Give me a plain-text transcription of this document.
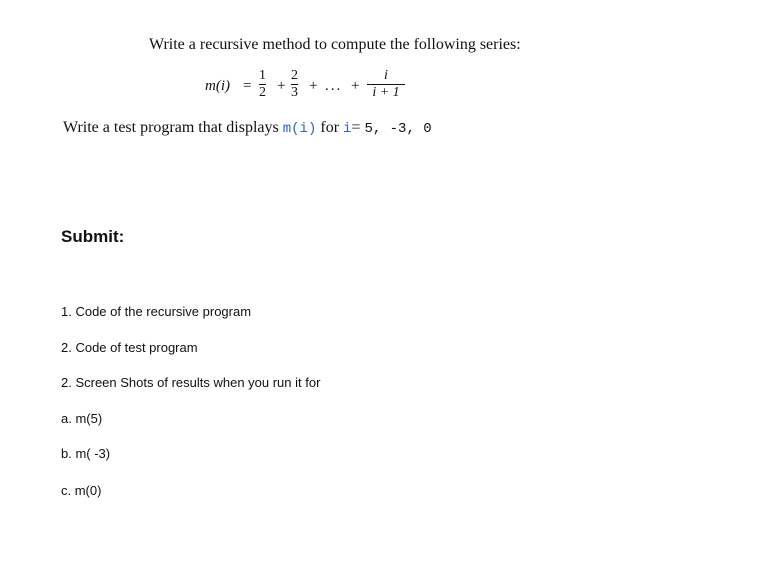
Write a recursive method to compute the following series:
m(i) =
1
2 +
2
3 + ... +
i
i + 1
Write a test program that displays m(i) for i= 5, -3, 0
Submit:
1. Code of the recursive program
2. Code of test program
2. Screen Shots of results when you run it for
a. m(5)
b. m( -3)
c. m(0)
